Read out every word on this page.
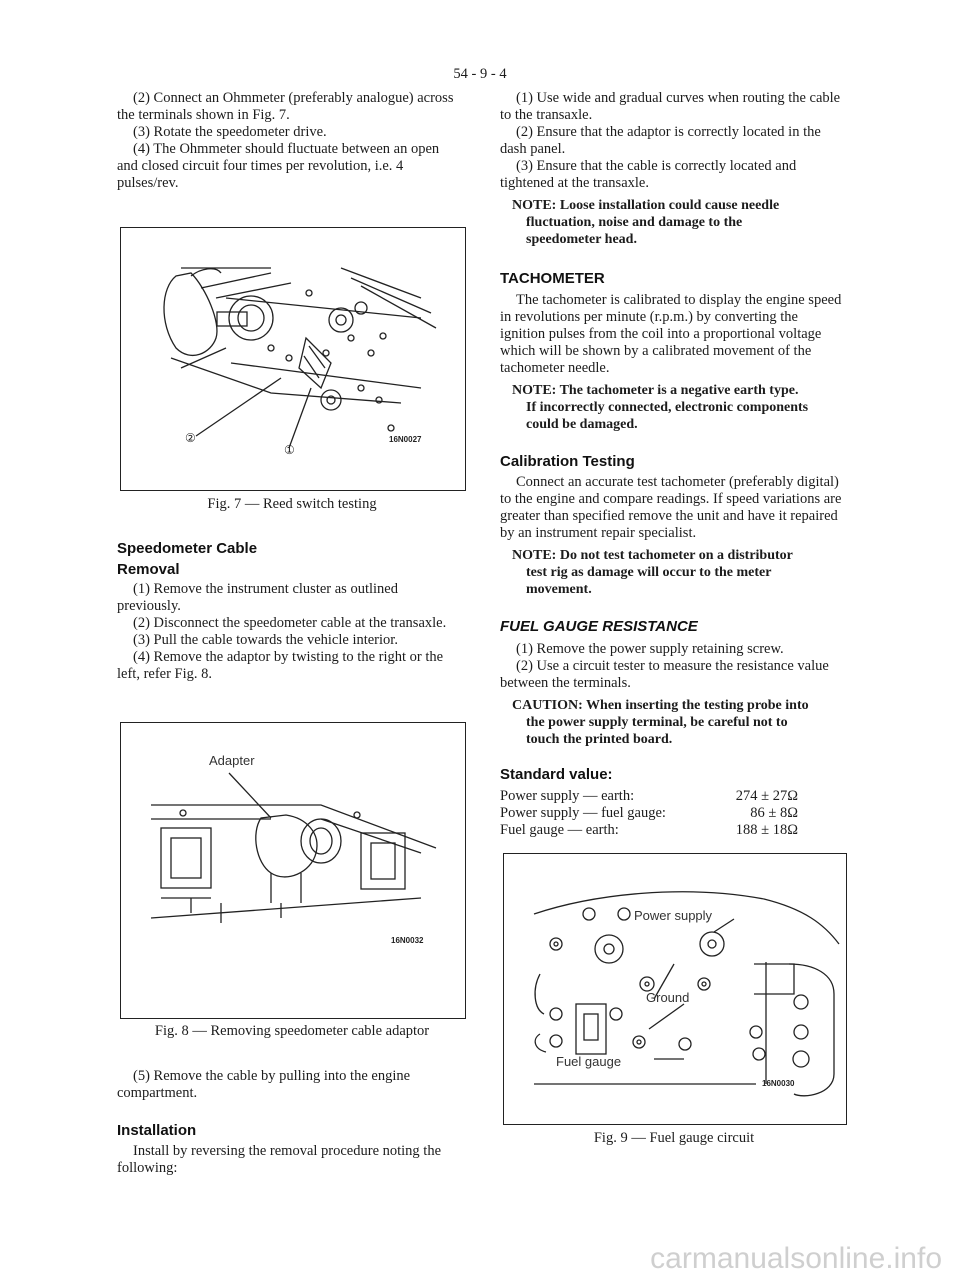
54 - 9 - 4

(2) Connect an Ohmmeter (preferably analogue) across the terminals shown in Fig. 7.

(3) Rotate the speedometer drive.

(4) The Ohmmeter should fluctuate between an open and closed circuit four times per revolution, i.e. 4 pulses/rev.

②
①
16N0027
Fig. 7 — Reed switch testing
Speedometer Cable
Removal

(1) Remove the instrument cluster as outlined previously.

(2) Disconnect the speedometer cable at the transaxle.

(3) Pull the cable towards the vehicle interior.

(4) Remove the adaptor by twisting to the right or the left, refer Fig. 8.

Adapter
16N0032
Fig. 8 — Removing speedometer cable adaptor

(5) Remove the cable by pulling into the engine compartment.

Installation

Install by reversing the removal procedure noting the following:

(1) Use wide and gradual curves when routing the cable to the transaxle.

(2) Ensure that the adaptor is correctly located in the dash panel.

(3) Ensure that the cable is correctly located and tightened at the transaxle.

NOTE: Loose installation could cause needle
fluctuation, noise and damage to the
speedometer head.

TACHOMETER

The tachometer is calibrated to display the engine speed in revolutions per minute (r.p.m.) by converting the ignition pulses from the coil into a proportional voltage which will be shown by a calibrated movement of the tachometer needle.

NOTE: The tachometer is a negative earth type.
If incorrectly connected, electronic components
could be damaged.

Calibration Testing

Connect an accurate test tachometer (preferably digital) to the engine and compare readings. If speed variations are greater than specified remove the unit and have it repaired by an instrument repair specialist.

NOTE: Do not test tachometer on a distributor
test rig as damage will occur to the meter
movement.

FUEL GAUGE RESISTANCE

(1) Remove the power supply retaining screw.

(2) Use a circuit tester to measure the resistance value between the terminals.

CAUTION: When inserting the testing probe into
the power supply terminal, be careful not to
touch the printed board.

Standard value:
Power supply — earth:	274 ± 27Ω
Power supply — fuel gauge:	86 ± 8Ω
Fuel gauge — earth:	188 ± 18Ω
Power supply
Ground
Fuel gauge
16N0030
Fig. 9 — Fuel gauge circuit
carmanualsonline.info
